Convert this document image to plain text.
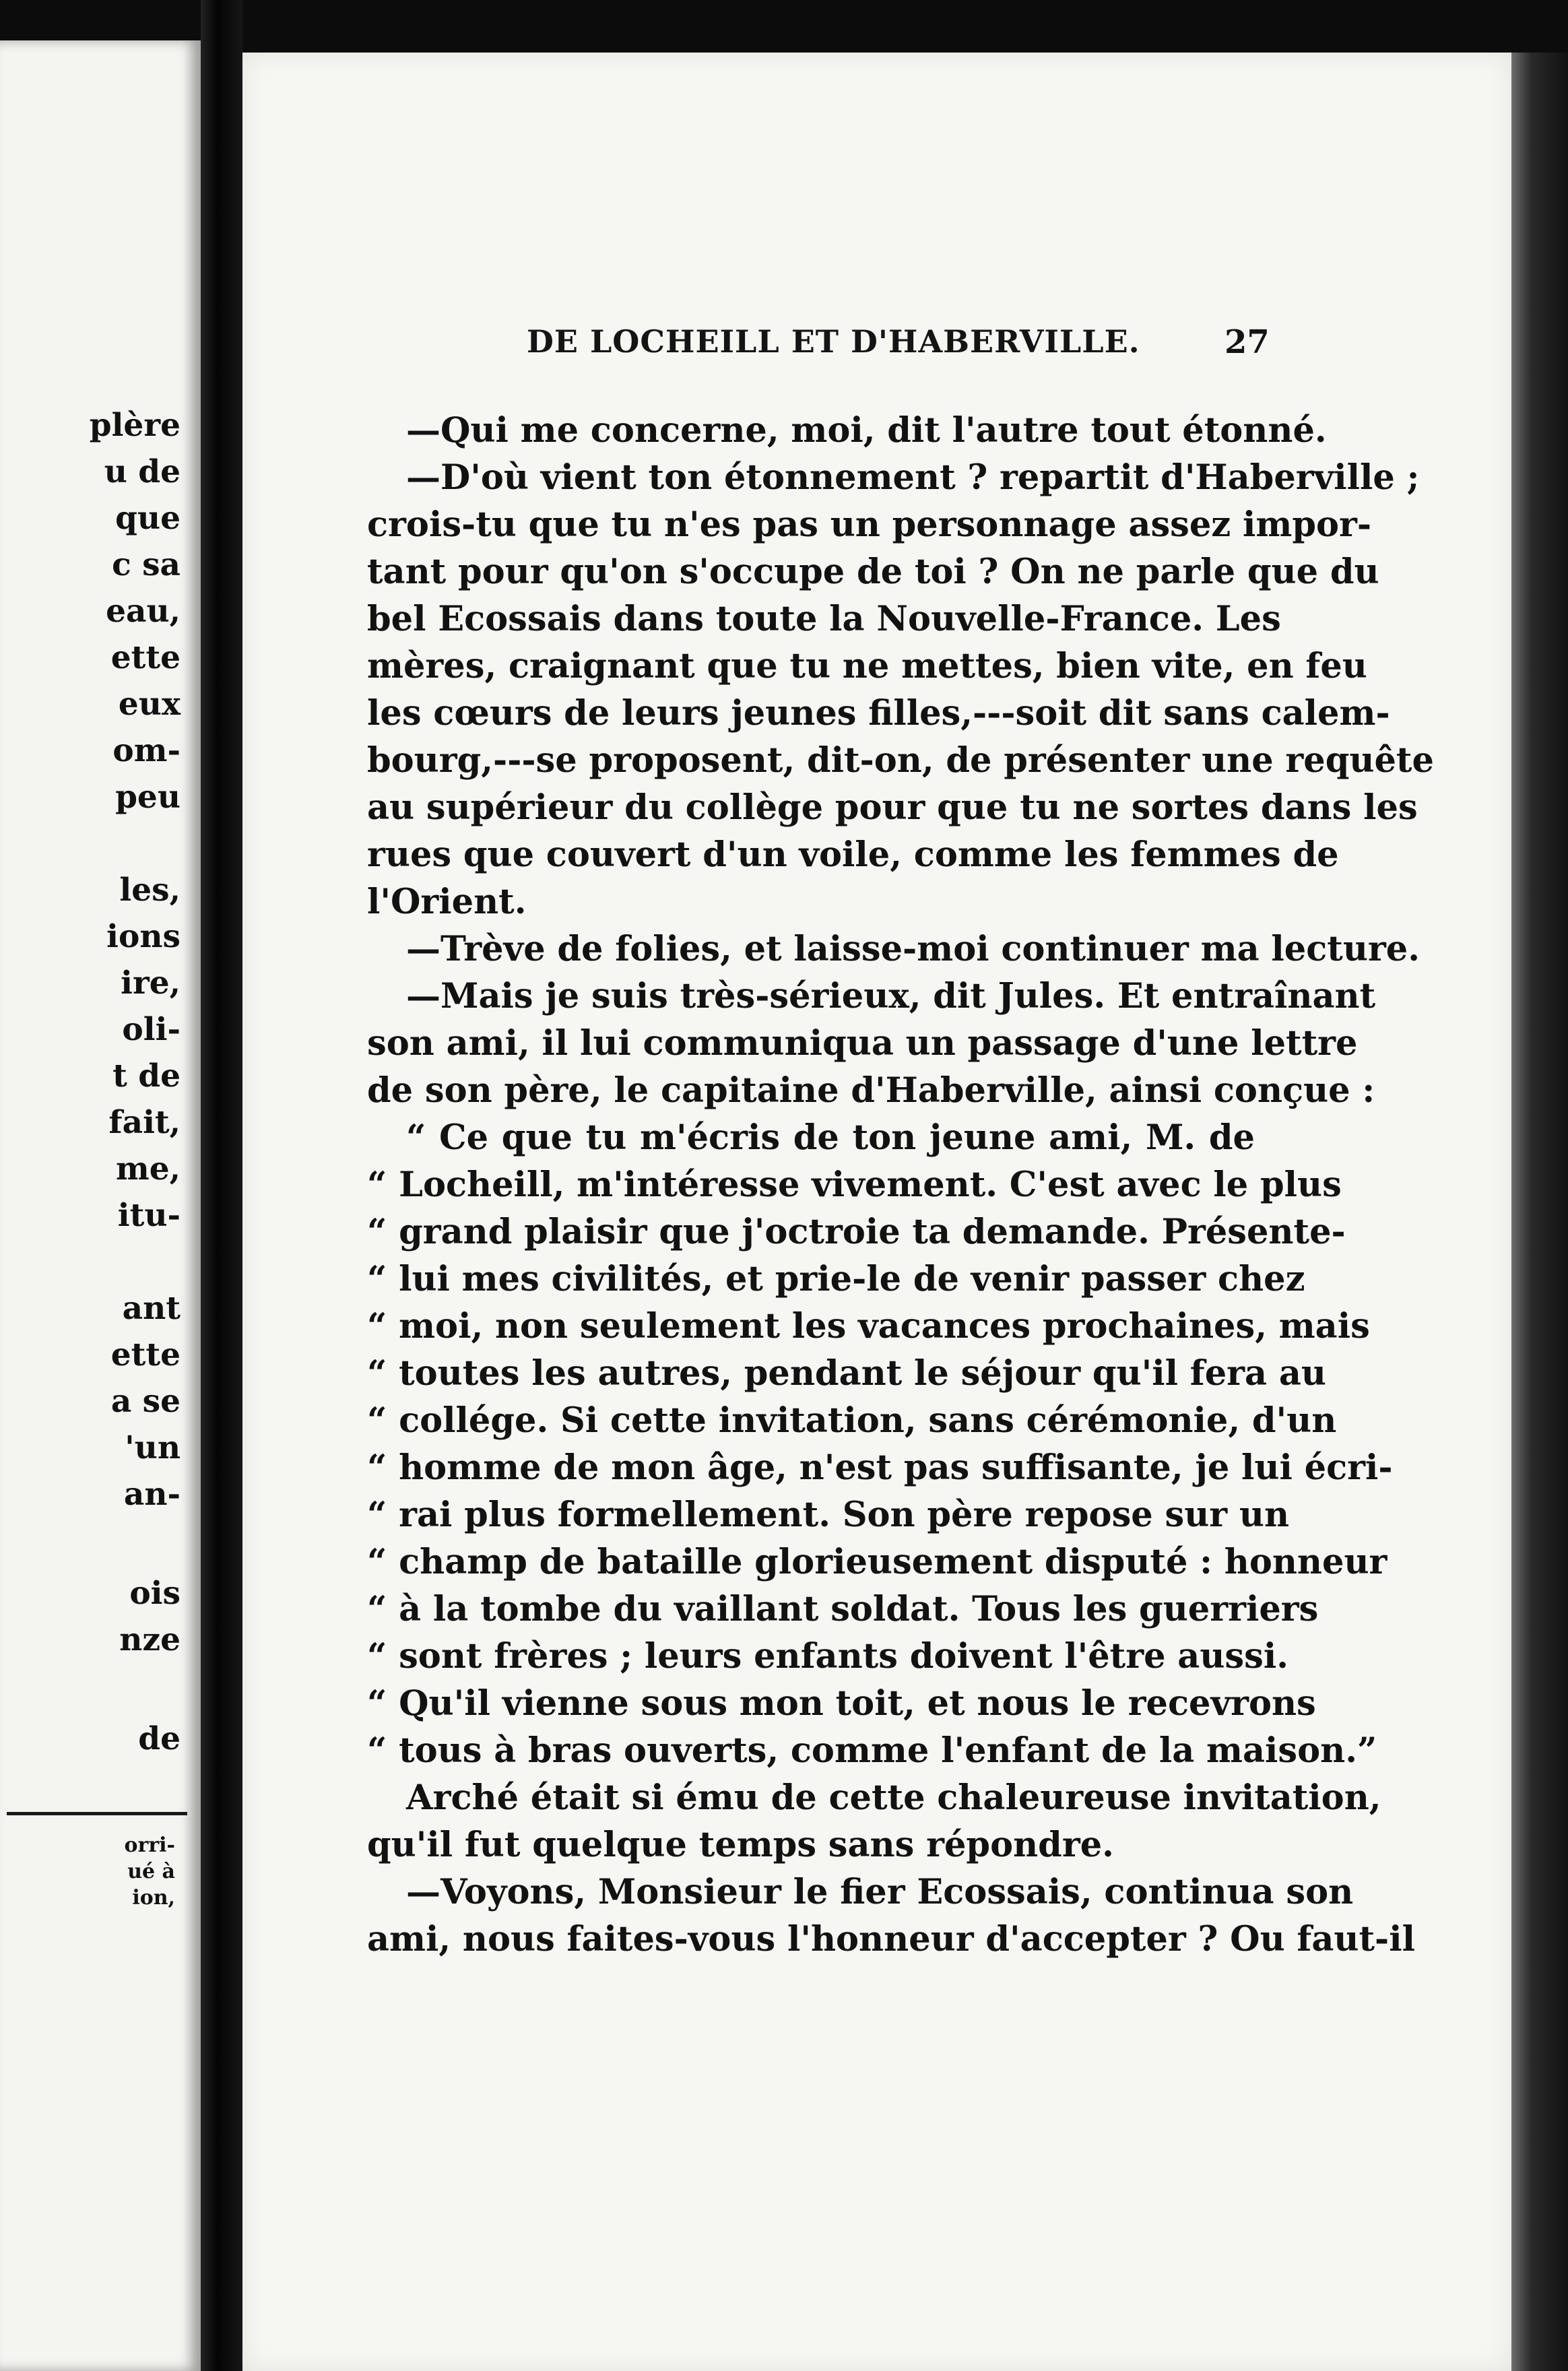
plère
u de
que
c sa
eau,
ette
eux
om-
peu
les,
ions
ire,
oli-
t de
fait,
me,
itu-
ant
ette
a se
'un
an-
ois
nze
de
orri-
ué à
ion,
DE LOCHEILL ET D'HABERVILLE.	27
—Qui me concerne, moi, dit l'autre tout étonné.
—D'où vient ton étonnement ? repartit d'Haberville ;
crois-tu que tu n'es pas un personnage assez impor-
tant pour qu'on s'occupe de toi ? On ne parle que du
bel Ecossais dans toute la Nouvelle-France. Les
mères, craignant que tu ne mettes, bien vite, en feu
les cœurs de leurs jeunes filles,---soit dit sans calem-
bourg,---se proposent, dit-on, de présenter une requête
au supérieur du collège pour que tu ne sortes dans les
rues que couvert d'un voile, comme les femmes de
l'Orient.
—Trève de folies, et laisse-moi continuer ma lecture.
—Mais je suis très-sérieux, dit Jules. Et entraînant
son ami, il lui communiqua un passage d'une lettre
de son père, le capitaine d'Haberville, ainsi conçue :
“ Ce que tu m'écris de ton jeune ami, M. de
“ Locheill, m'intéresse vivement. C'est avec le plus
“ grand plaisir que j'octroie ta demande. Présente-
“ lui mes civilités, et prie-le de venir passer chez
“ moi, non seulement les vacances prochaines, mais
“ toutes les autres, pendant le séjour qu'il fera au
“ collége. Si cette invitation, sans cérémonie, d'un
“ homme de mon âge, n'est pas suffisante, je lui écri-
“ rai plus formellement. Son père repose sur un
“ champ de bataille glorieusement disputé : honneur
“ à la tombe du vaillant soldat. Tous les guerriers
“ sont frères ; leurs enfants doivent l'être aussi.
“ Qu'il vienne sous mon toit, et nous le recevrons
“ tous à bras ouverts, comme l'enfant de la maison.”
Arché était si ému de cette chaleureuse invitation,
qu'il fut quelque temps sans répondre.
—Voyons, Monsieur le fier Ecossais, continua son
ami, nous faites-vous l'honneur d'accepter ? Ou faut-il
